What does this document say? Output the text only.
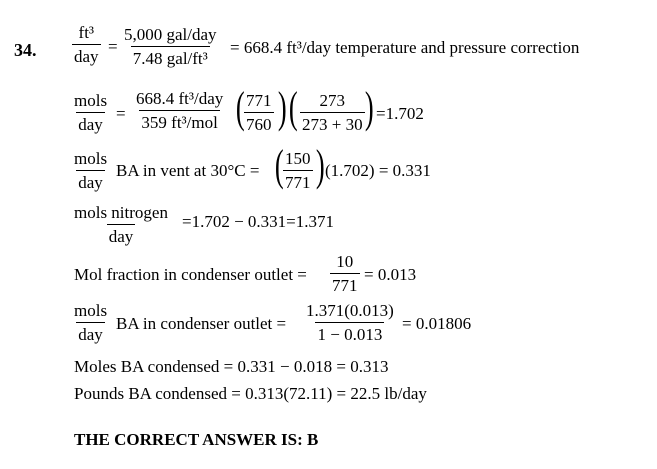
34.
ft³
day
=
5,000 gal/day
7.48 gal/ft³
= 668.4 ft³/day temperature and pressure correction
mols
day
=
668.4 ft³/day
359 ft³/mol ( $\frac{771}{760}$ ) ( $\frac{273}{273 + 30}$ ) =1.702
mols
day
BA in vent at 30°C = ( $\frac{150}{771}$ ) (1.702) = 0.331
mols nitrogen
day
=1.702 − 0.331=1.371
Mol fraction in condenser outlet = $\frac{10}{771} = 0.013$
mols
day
BA in condenser outlet = $\frac{1.371(0.013)}{1 - 0.013} = 0.01806$
Moles BA condensed = 0.331 − 0.018 = 0.313
Pounds BA condensed = 0.313(72.11) = 22.5 lb/day
THE CORRECT ANSWER IS: B
